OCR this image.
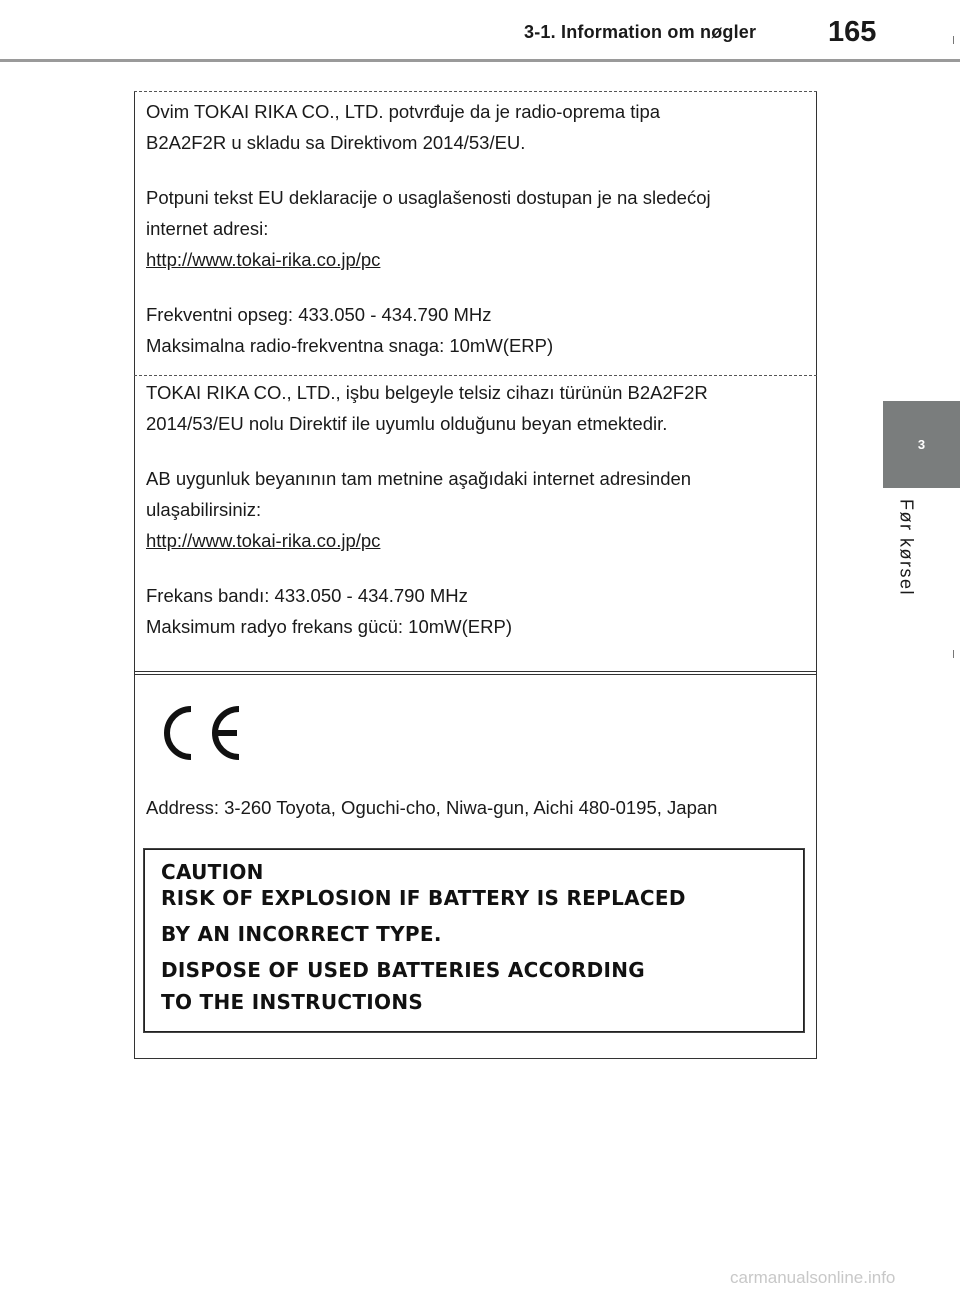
3-1. Information om nøgler 165
3
Før kørsel

Ovim TOKAI RIKA CO., LTD. potvrđuje da je radio-oprema tipa

B2A2F2R u skladu sa Direktivom 2014/53/EU.

Potpuni tekst EU deklaracije o usaglašenosti dostupan je na sledećoj

internet adresi:

http://www.tokai-rika.co.jp/pc

Frekventni opseg: 433.050 - 434.790 MHz

Maksimalna radio-frekventna snaga: 10mW(ERP)

TOKAI RIKA CO., LTD., işbu belgeyle telsiz cihazı türünün B2A2F2R

2014/53/EU nolu Direktif ile uyumlu olduğunu beyan etmektedir.

AB uygunluk beyanının tam metnine aşağıdaki internet adresinden

ulaşabilirsiniz:

http://www.tokai-rika.co.jp/pc

Frekans bandı: 433.050 - 434.790 MHz

Maksimum radyo frekans gücü: 10mW(ERP)

Address: 3-260 Toyota, Oguchi-cho, Niwa-gun, Aichi 480-0195, Japan
CAUTION
RISK OF EXPLOSION IF BATTERY IS REPLACED
BY AN INCORRECT TYPE.
DISPOSE OF USED BATTERIES ACCORDING
TO THE INSTRUCTIONS
carmanualsonline.info
